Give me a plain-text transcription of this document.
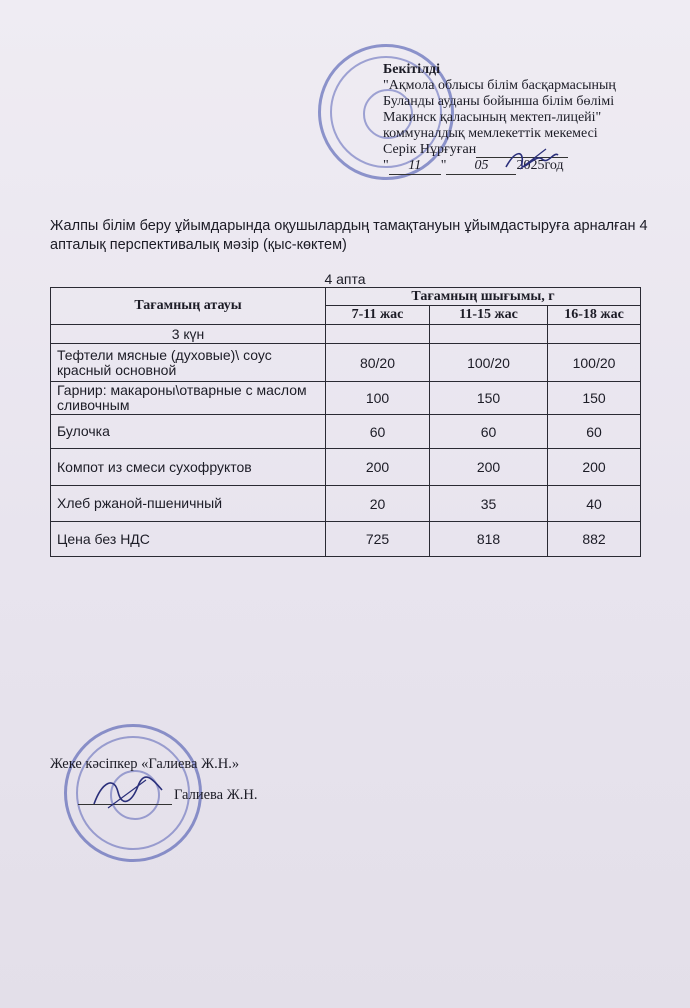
Бекітілді
"Ақмола облысы білім басқармасының
Буланды ауданы бойынша білім бөлімі
Макинск қаласының мектеп-лицейі"
коммуналдық мемлекеттік мекемесі
Серік Нұрғуған
" 11 " 05 2025год
Жалпы білім беру ұйымдарында оқушылардың тамақтануын ұйымдастыруға арналған 4 апталық перспективалық мәзір (қыс-көктем)
4 апта
Тағамның атауы	Тағамның шығымы, г		
	7-11 жас	11-15 жас	16-18 жас
3 күн			
Тефтели мясные (духовые)\ соус красный основной	80/20	100/20	100/20
Гарнир: макароны\отварные с маслом сливочным	100	150	150
Булочка	60	60	60
Компот из смеси сухофруктов	200	200	200
Хлеб ржаной-пшеничный	20	35	40
Цена без НДС	725	818	882
Жеке кәсіпкер «Галиева Ж.Н.»
Галиева Ж.Н.
